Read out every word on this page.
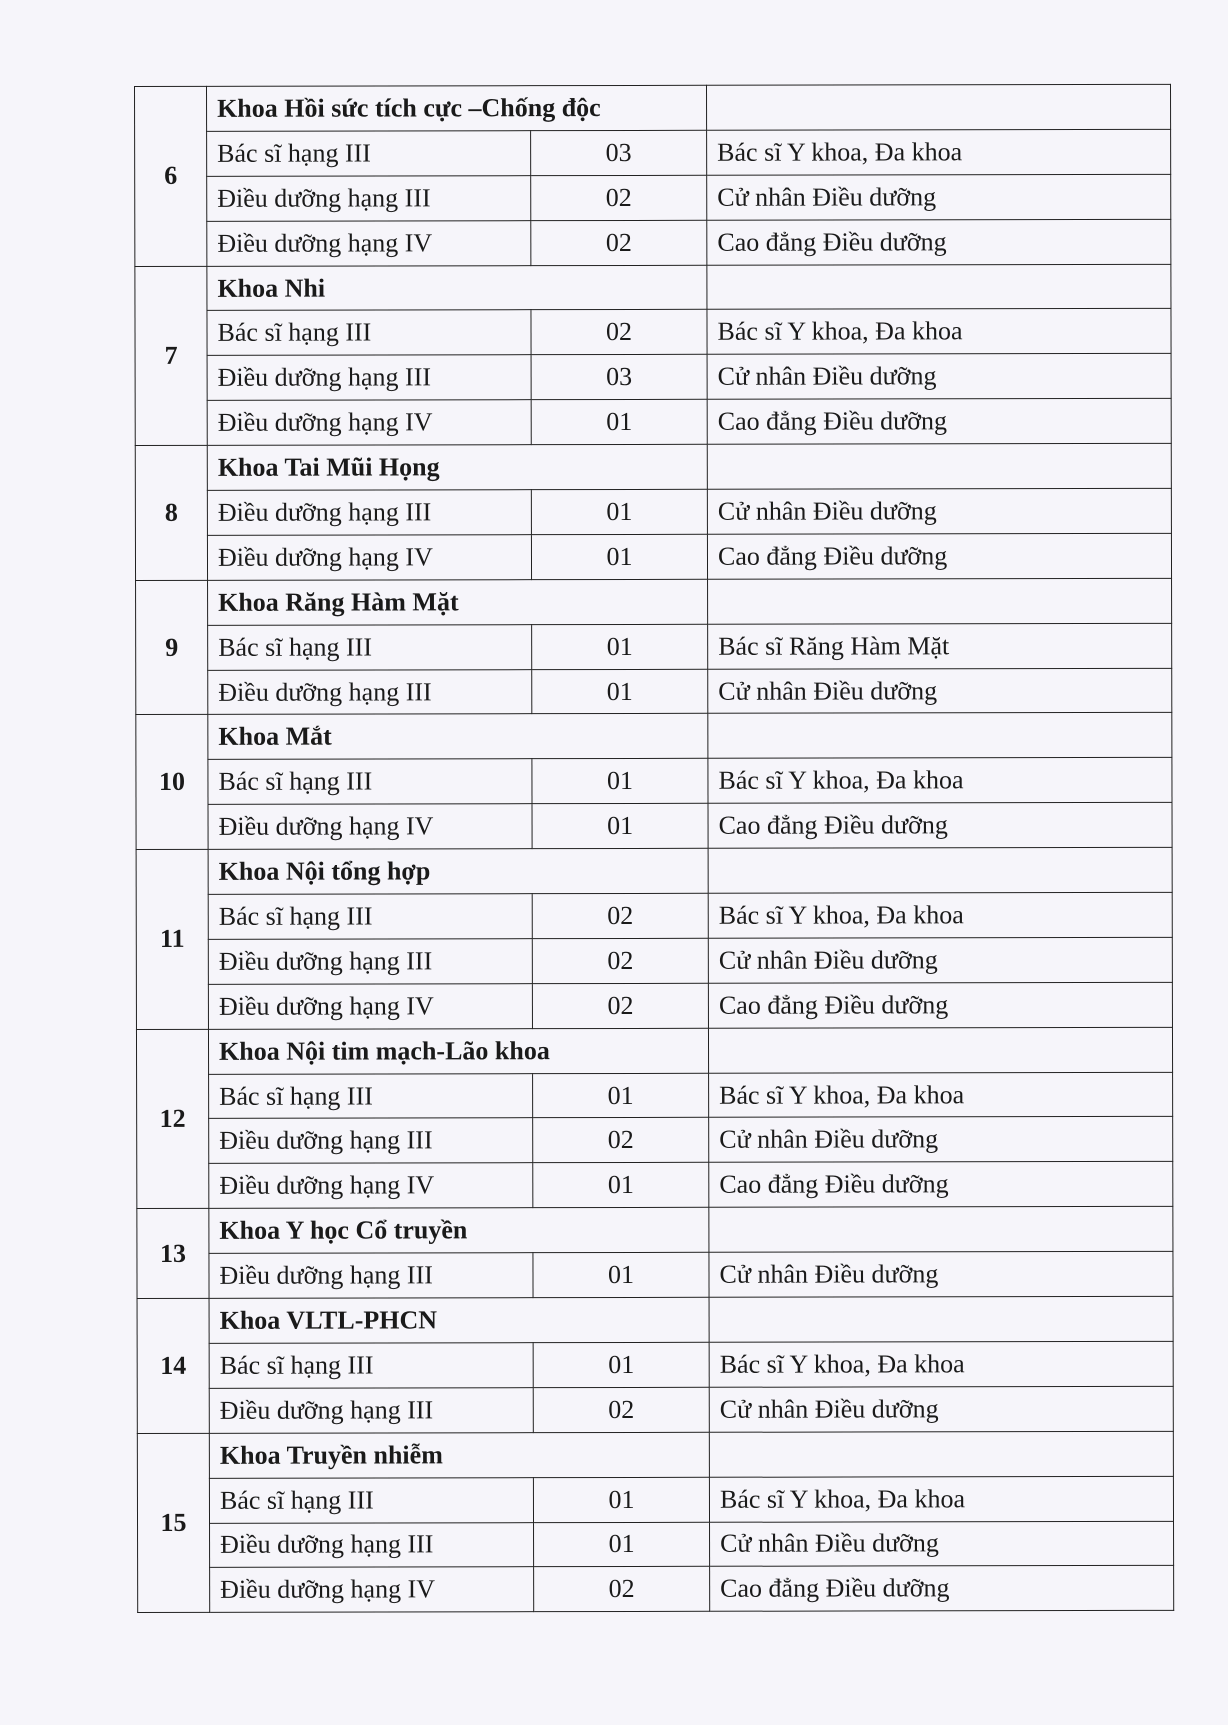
6	Khoa Hồi sức tích cực –Chống độc		
	Bác sĩ hạng III	03	Bác sĩ Y khoa, Đa khoa
	Điều dưỡng hạng III	02	Cử nhân Điều dưỡng
	Điều dưỡng hạng IV	02	Cao đẳng Điều dưỡng
7	Khoa Nhi		
	Bác sĩ hạng III	02	Bác sĩ Y khoa, Đa khoa
	Điều dưỡng hạng III	03	Cử nhân Điều dưỡng
	Điều dưỡng hạng IV	01	Cao đẳng Điều dưỡng
8	Khoa Tai Mũi Họng		
	Điều dưỡng hạng III	01	Cử nhân Điều dưỡng
	Điều dưỡng hạng IV	01	Cao đẳng Điều dưỡng
9	Khoa Răng Hàm Mặt		
	Bác sĩ hạng III	01	Bác sĩ Răng Hàm Mặt
	Điều dưỡng hạng III	01	Cử nhân Điều dưỡng
10	Khoa Mắt		
	Bác sĩ hạng III	01	Bác sĩ Y khoa, Đa khoa
	Điều dưỡng hạng IV	01	Cao đẳng Điều dưỡng
11	Khoa Nội tổng hợp		
	Bác sĩ hạng III	02	Bác sĩ Y khoa, Đa khoa
	Điều dưỡng hạng III	02	Cử nhân Điều dưỡng
	Điều dưỡng hạng IV	02	Cao đẳng Điều dưỡng
12	Khoa Nội tim mạch-Lão khoa		
	Bác sĩ hạng III	01	Bác sĩ Y khoa, Đa khoa
	Điều dưỡng hạng III	02	Cử nhân Điều dưỡng
	Điều dưỡng hạng IV	01	Cao đẳng Điều dưỡng
13	Khoa Y học Cổ truyền		
	Điều dưỡng hạng III	01	Cử nhân Điều dưỡng
14	Khoa VLTL-PHCN		
	Bác sĩ hạng III	01	Bác sĩ Y khoa, Đa khoa
	Điều dưỡng hạng III	02	Cử nhân Điều dưỡng
15	Khoa Truyền nhiễm		
	Bác sĩ hạng III	01	Bác sĩ Y khoa, Đa khoa
	Điều dưỡng hạng III	01	Cử nhân Điều dưỡng
	Điều dưỡng hạng IV	02	Cao đẳng Điều dưỡng
